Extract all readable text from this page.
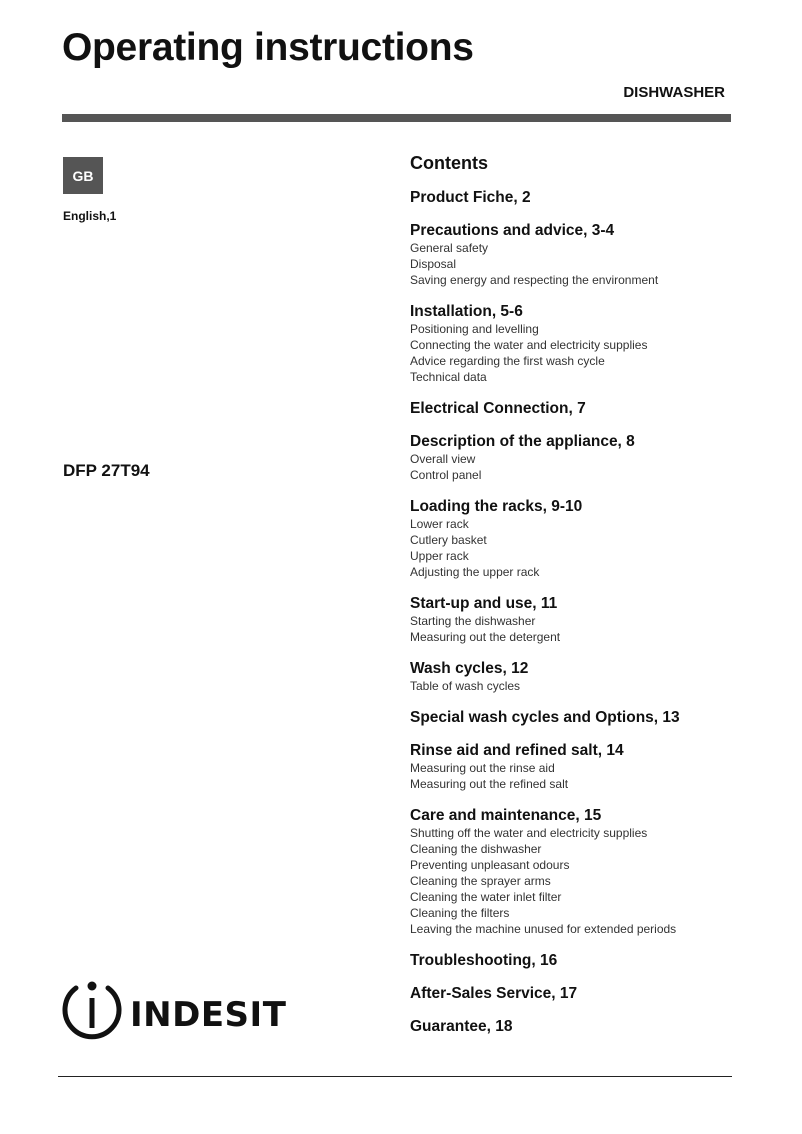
Operating instructions
DISHWASHER
GB
English,1
DFP 27T94
INDESIT
Contents
Product Fiche, 2
Precautions and advice, 3-4
General safety
Disposal
Saving energy and respecting the environment
Installation, 5-6
Positioning and levelling
Connecting the water and electricity supplies
Advice regarding the first wash cycle
Technical data
Electrical Connection, 7
Description of the appliance, 8
Overall view
Control panel
Loading the racks, 9-10
Lower rack
Cutlery basket
Upper rack
Adjusting the upper rack
Start-up and use, 11
Starting the dishwasher
Measuring out the detergent
Wash cycles, 12
Table of wash cycles
Special wash cycles and Options, 13
Rinse aid and refined salt, 14
Measuring out the rinse aid
Measuring out the refined salt
Care and maintenance, 15
Shutting off the water and electricity supplies
Cleaning the dishwasher
Preventing unpleasant odours
Cleaning the sprayer arms
Cleaning the water inlet filter
Cleaning the filters
Leaving the machine unused for extended periods
Troubleshooting, 16
After-Sales Service, 17
Guarantee, 18
